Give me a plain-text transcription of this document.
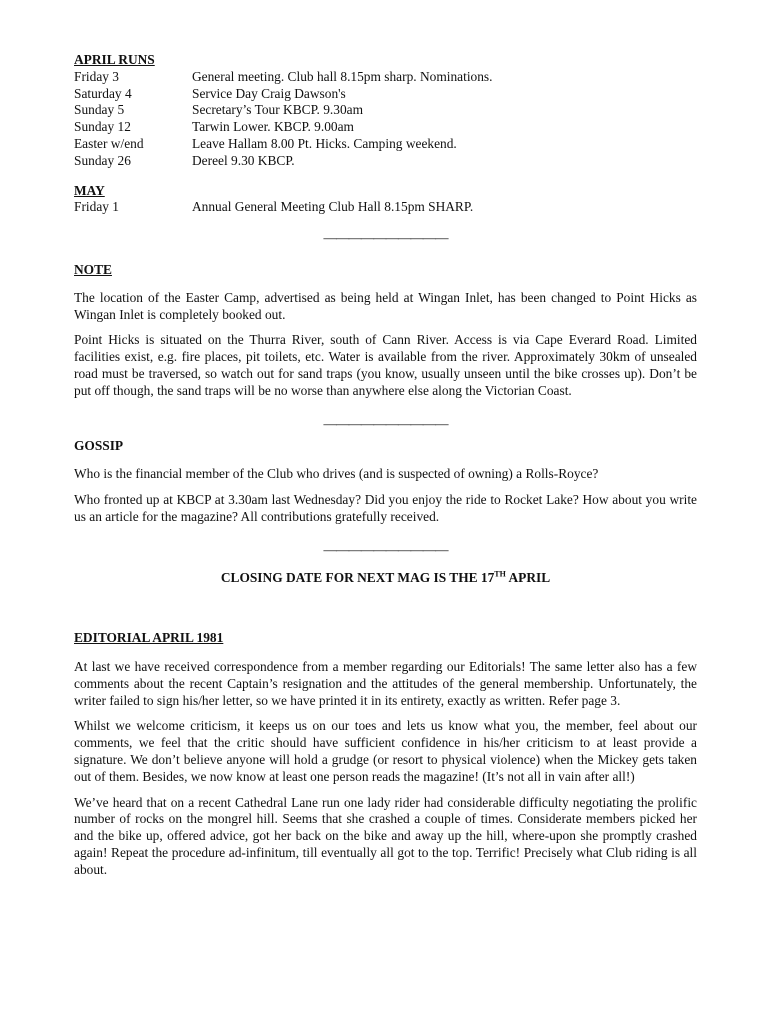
APRIL RUNS
Friday 3	General meeting. Club hall 8.15pm sharp. Nominations.
Saturday 4	Service Day Craig Dawson's
Sunday 5	Secretary’s Tour KBCP. 9.30am
Sunday 12	Tarwin Lower. KBCP. 9.00am
Easter w/end	Leave Hallam 8.00 Pt. Hicks. Camping weekend.
Sunday 26	Dereel 9.30 KBCP.
MAY
Friday 1	Annual General Meeting Club Hall 8.15pm SHARP.
——————————
NOTE

The location of the Easter Camp, advertised as being held at Wingan Inlet, has been changed to Point Hicks as Wingan Inlet is completely booked out.

Point Hicks is situated on the Thurra River, south of Cann River. Access is via Cape Everard Road. Limited facilities exist, e.g. fire places, pit toilets, etc. Water is available from the river. Approximately 30km of unsealed road must be traversed, so watch out for sand traps (you know, usually unseen until the bike crosses up). Don’t be put off though, the sand traps will be no worse than anywhere else along the Victorian Coast.

——————————
GOSSIP

Who is the financial member of the Club who drives (and is suspected of owning) a Rolls-Royce?

Who fronted up at KBCP at 3.30am last Wednesday? Did you enjoy the ride to Rocket Lake? How about you write us an article for the magazine? All contributions gratefully received.

——————————
CLOSING DATE FOR NEXT MAG IS THE 17TH APRIL
EDITORIAL APRIL 1981

At last we have received correspondence from a member regarding our Editorials! The same letter also has a few comments about the recent Captain’s resignation and the attitudes of the general membership. Unfortunately, the writer failed to sign his/her letter, so we have printed it in its entirety, exactly as written. Refer page 3.

Whilst we welcome criticism, it keeps us on our toes and lets us know what you, the member, feel about our comments, we feel that the critic should have sufficient confidence in his/her criticism to at least provide a signature. We don’t believe anyone will hold a grudge (or resort to physical violence) when the Mickey gets taken out of them. Besides, we now know at least one person reads the magazine! (It’s not all in vain after all!)

We’ve heard that on a recent Cathedral Lane run one lady rider had considerable difficulty negotiating the prolific number of rocks on the mongrel hill. Seems that she crashed a couple of times. Considerate members picked her and the bike up, offered advice, got her back on the bike and away up the hill, where-upon she promptly crashed again! Repeat the procedure ad-infinitum, till eventually all got to the top. Terrific! Precisely what Club riding is all about.
